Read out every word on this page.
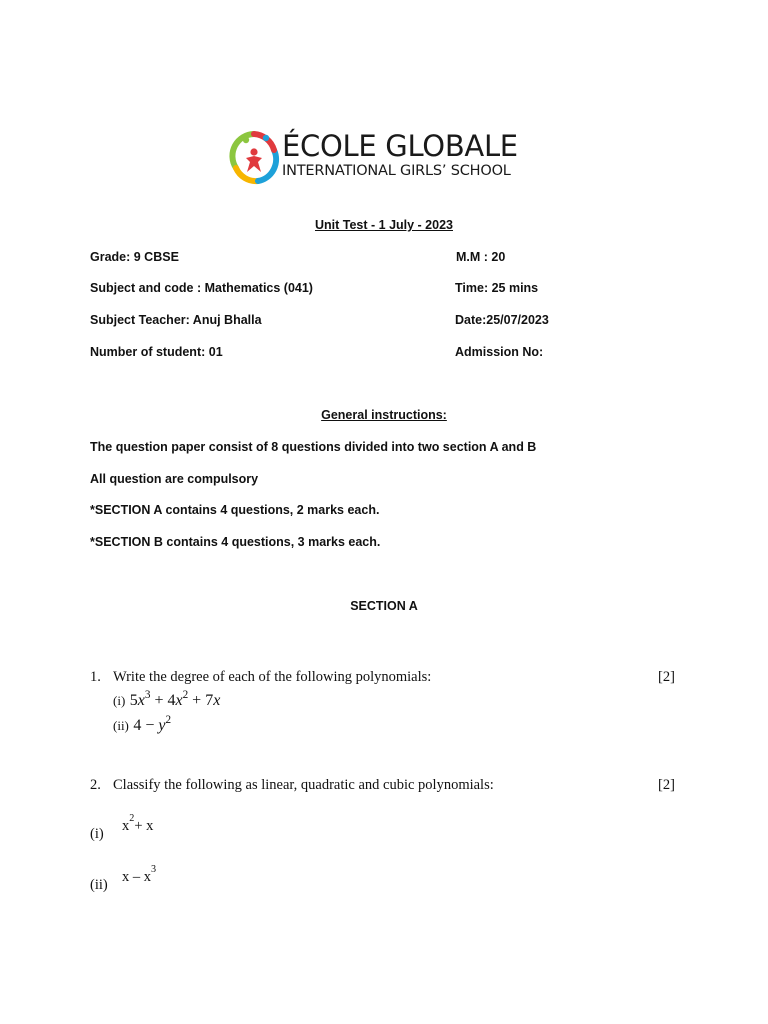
ÉCOLE GLOBALE
INTERNATIONAL GIRLS’ SCHOOL
Unit Test - 1 July - 2023
Grade: 9 CBSE	M.M : 20
Subject and code : Mathematics (041)	Time: 25 mins
Subject Teacher: Anuj Bhalla	Date:25/07/2023
Number of student: 01	Admission No:
General instructions:
The question paper consist of 8 questions divided into two section A and B
All question are compulsory
*SECTION A contains 4 questions, 2 marks each.
*SECTION B contains 4 questions, 3 marks each.
SECTION A
1. Write the degree of each of the following polynomials:	[2]
(i) $5x^3 + 4x^2 + 7x$
(ii) $4 - y^2$
2. Classify the following as linear, quadratic and cubic polynomials:	[2]
(i) $x^2+ x$
(ii) x – $x^3$
